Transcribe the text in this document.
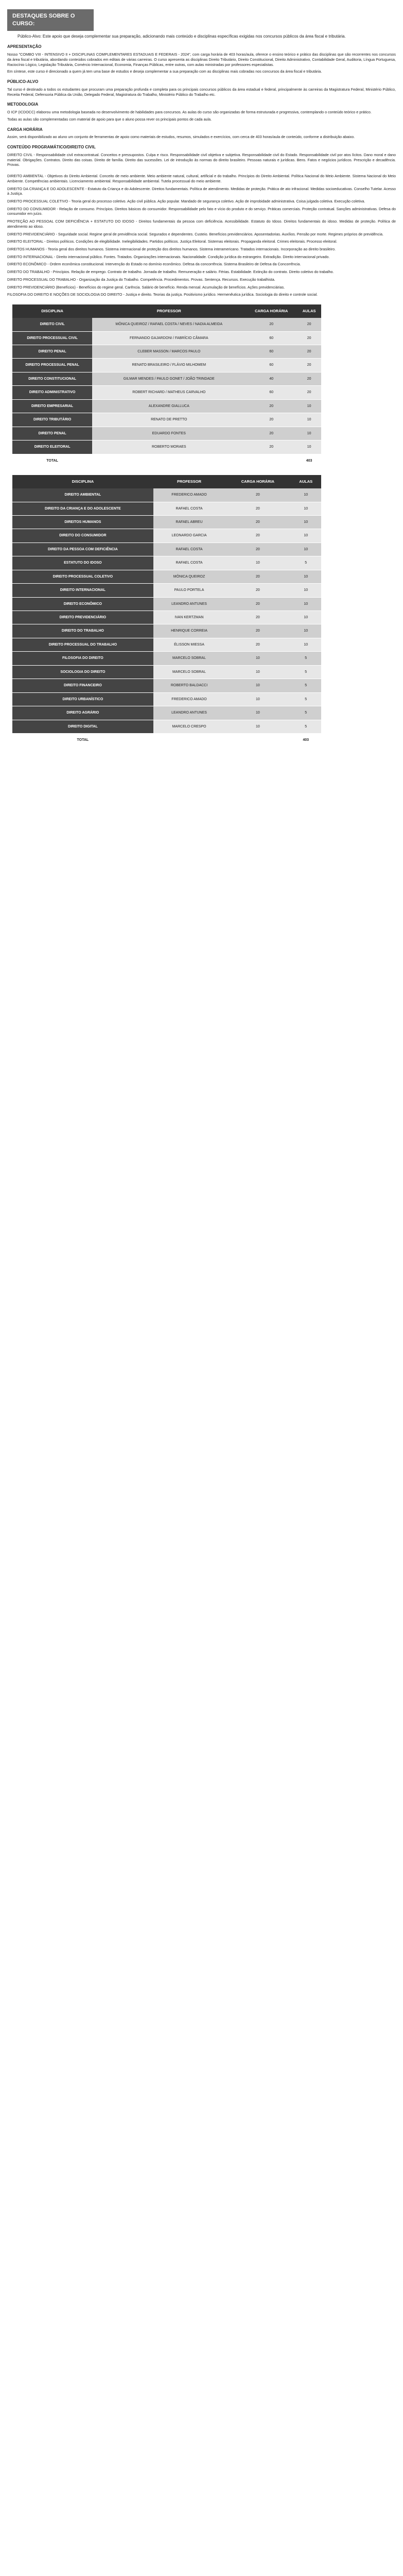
DESTAQUES SOBRE O CURSO:
Público-Alvo: Este apoio que deseja complementar sua preparação, adicionando mais conteúdo e disciplinas específicas exigidas nos concursos públicos da área fiscal e tributária.
APRESENTAÇÃO

Nosso "COMBO VIII - INTENSIVO II + DISCIPLINAS COMPLEMENTARES ESTADUAIS E FEDERAIS - 2024", com carga horária de 403 horas/aula, oferece o ensino teórico e prático das disciplinas que são recorrentes nos concursos da área fiscal e tributária, abordando conteúdos cobrados em editais de várias carreiras. O curso apresenta as disciplinas Direito Tributário, Direito Constitucional, Direito Administrativo, Contabilidade Geral, Auditoria, Língua Portuguesa, Raciocínio Lógico, Legislação Tributária, Comércio Internacional, Economia, Finanças Públicas, entre outras, com aulas ministradas por professores especialistas.

Em síntese, este curso é direcionado a quem já tem uma base de estudos e deseja complementar a sua preparação com as disciplinas mais cobradas nos concursos da área fiscal e tributária.

PÚBLICO-ALVO

Tal curso é destinado a todos os estudantes que procuram uma preparação profunda e completa para os principais concursos públicos da área estadual e federal, principalmente às carreiras da Magistratura Federal, Ministério Público, Receita Federal, Defensoria Pública da União, Delegado Federal, Magistratura do Trabalho, Ministério Público do Trabalho etc.

METODOLOGIA

O ICP (ICDOCC) elaborou uma metodologia baseada no desenvolvimento de habilidades para concursos. As aulas do curso são organizadas de forma estruturada e progressiva, contemplando o conteúdo teórico e prático.

Todas as aulas são complementadas com material de apoio para que o aluno possa rever os principais pontos de cada aula.

CARGA HORÁRIA

Assim, será disponibilizado ao aluno um conjunto de ferramentas de apoio como materiais de estudos, resumos, simulados e exercícios, com cerca de 403 horas/aula de conteúdo, conforme a distribuição abaixo.

CONTEÚDO PROGRAMÁTICO/DIREITO CIVIL

DIREITO CIVIL - Responsabilidade civil extracontratual. Conceitos e pressupostos. Culpa e risco. Responsabilidade civil objetiva e subjetiva. Responsabilidade civil do Estado. Responsabilidade civil por atos lícitos. Dano moral e dano material. Obrigações. Contratos. Direito das coisas. Direito de família. Direito das sucessões. Lei de introdução às normas do direito brasileiro. Pessoas naturais e jurídicas. Bens. Fatos e negócios jurídicos. Prescrição e decadência. Provas.

DIREITO AMBIENTAL - Objetivos do Direito Ambiental. Conceito de meio ambiente. Meio ambiente natural, cultural, artificial e do trabalho. Princípios do Direito Ambiental. Política Nacional do Meio Ambiente. Sistema Nacional do Meio Ambiente. Competências ambientais. Licenciamento ambiental. Responsabilidade ambiental. Tutela processual do meio ambiente.

DIREITO DA CRIANÇA E DO ADOLESCENTE - Estatuto da Criança e do Adolescente. Direitos fundamentais. Política de atendimento. Medidas de proteção. Prática de ato infracional. Medidas socioeducativas. Conselho Tutelar. Acesso à Justiça.

DIREITO PROCESSUAL COLETIVO - Teoria geral do processo coletivo. Ação civil pública. Ação popular. Mandado de segurança coletivo. Ação de improbidade administrativa. Coisa julgada coletiva. Execução coletiva.

DIREITO DO CONSUMIDOR - Relação de consumo. Princípios. Direitos básicos do consumidor. Responsabilidade pelo fato e vício do produto e do serviço. Práticas comerciais. Proteção contratual. Sanções administrativas. Defesa do consumidor em juízo.

PROTEÇÃO AO PESSOAL COM DEFICIÊNCIA + ESTATUTO DO IDOSO - Direitos fundamentais da pessoa com deficiência. Acessibilidade. Estatuto do Idoso. Direitos fundamentais do idoso. Medidas de proteção. Política de atendimento ao idoso.

DIREITO PREVIDENCIÁRIO - Seguridade social. Regime geral de previdência social. Segurados e dependentes. Custeio. Benefícios previdenciários. Aposentadorias. Auxílios. Pensão por morte. Regimes próprios de previdência.

DIREITO ELEITORAL - Direitos políticos. Condições de elegibilidade. Inelegibilidades. Partidos políticos. Justiça Eleitoral. Sistemas eleitorais. Propaganda eleitoral. Crimes eleitorais. Processo eleitoral.

DIREITOS HUMANOS - Teoria geral dos direitos humanos. Sistema internacional de proteção dos direitos humanos. Sistema interamericano. Tratados internacionais. Incorporação ao direito brasileiro.

DIREITO INTERNACIONAL - Direito internacional público. Fontes. Tratados. Organizações internacionais. Nacionalidade. Condição jurídica do estrangeiro. Extradição. Direito internacional privado.

DIREITO ECONÔMICO - Ordem econômica constitucional. Intervenção do Estado no domínio econômico. Defesa da concorrência. Sistema Brasileiro de Defesa da Concorrência.

DIREITO DO TRABALHO - Princípios. Relação de emprego. Contrato de trabalho. Jornada de trabalho. Remuneração e salário. Férias. Estabilidade. Extinção do contrato. Direito coletivo do trabalho.

DIREITO PROCESSUAL DO TRABALHO - Organização da Justiça do Trabalho. Competência. Procedimentos. Provas. Sentença. Recursos. Execução trabalhista.

DIREITO PREVIDENCIÁRIO (Benefícios) - Benefícios do regime geral. Carência. Salário de benefício. Renda mensal. Acumulação de benefícios. Ações previdenciárias.

FILOSOFIA DO DIREITO E NOÇÕES DE SOCIOLOGIA DO DIREITO - Justiça e direito. Teorias da justiça. Positivismo jurídico. Hermenêutica jurídica. Sociologia do direito e controle social.

DISCIPLINA	PROFESSOR	CARGA HORÁRIA	AULAS
DIREITO CIVIL	MÔNICA QUEIROZ / RAFAEL COSTA / NEVES / NADIA ALMEIDA	20	20
DIREITO PROCESSUAL CIVIL	FERNANDO GAJARDONI / FABRÍCIO CÂMARA	60	20
DIREITO PENAL	CLEBER MASSON / MARCOS PAULO	60	20
DIREITO PROCESSUAL PENAL	RENATO BRASILEIRO / FLÁVIO MILHOMEM	60	20
DIREITO CONSTITUCIONAL	GILMAR MENDES / PAULO GONET / JOÃO TRINDADE	40	20
DIREITO ADMINISTRATIVO	ROBERT RICHARD / MATHEUS CARVALHO	60	20
DIREITO EMPRESARIAL	ALEXANDRE GIALLUCA	20	10
DIREITO TRIBUTÁRIO	RENATO DE PRETTO	20	10
DIREITO PENAL	EDUARDO FONTES	20	10
DIREITO ELEITORAL	ROBERTO MORAES	20	10
TOTAL			403
DISCIPLINA	PROFESSOR	CARGA HORÁRIA	AULAS
DIREITO AMBIENTAL	FREDERICO AMADO	20	10
DIREITO DA CRIANÇA E DO ADOLESCENTE	RAFAEL COSTA	20	10
DIREITOS HUMANOS	RAFAEL ABREU	20	10
DIREITO DO CONSUMIDOR	LEONARDO GARCIA	20	10
DIREITO DA PESSOA COM DEFICIÊNCIA	RAFAEL COSTA	20	10
ESTATUTO DO IDOSO	RAFAEL COSTA	10	5
DIREITO PROCESSUAL COLETIVO	MÔNICA QUEIROZ	20	10
DIREITO INTERNACIONAL	PAULO PORTELA	20	10
DIREITO ECONÔMICO	LEANDRO ANTUNES	20	10
DIREITO PREVIDENCIÁRIO	IVAN KERTZMAN	20	10
DIREITO DO TRABALHO	HENRIQUE CORREIA	20	10
DIREITO PROCESSUAL DO TRABALHO	ÉLISSON MIESSA	20	10
FILOSOFIA DO DIREITO	MARCELO SOBRAL	10	5
SOCIOLOGIA DO DIREITO	MARCELO SOBRAL	10	5
DIREITO FINANCEIRO	ROBERTO BALDACCI	10	5
DIREITO URBANÍSTICO	FREDERICO AMADO	10	5
DIREITO AGRÁRIO	LEANDRO ANTUNES	10	5
DIREITO DIGITAL	MARCELO CRESPO	10	5
TOTAL			403
